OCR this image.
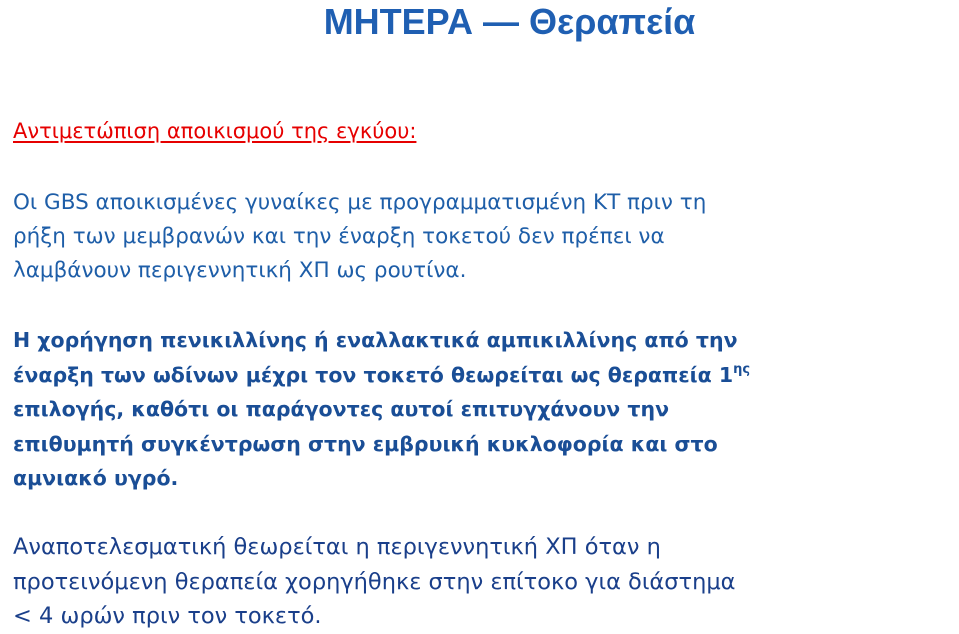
ΜΗΤΕΡΑ — Θεραπεία
Αντιμετώπιση αποικισμού της εγκύου:
Οι GBS αποικισμένες γυναίκες με προγραμματισμένη ΚΤ πριν τη
ρήξη των μεμβρανών και την έναρξη τοκετού δεν πρέπει να
λαμβάνουν περιγεννητική ΧΠ ως ρουτίνα.
Η χορήγηση πενικιλλίνης ή εναλλακτικά αμπικιλλίνης από την
έναρξη των ωδίνων μέχρι τον τοκετό θεωρείται ως θεραπεία $1^{\eta\varsigma}$
επιλογής, καθότι οι παράγοντες αυτοί επιτυγχάνουν την
επιθυμητή συγκέντρωση στην εμβρυική κυκλοφορία και στο
αμνιακό υγρό.
Αναποτελεσματική θεωρείται η περιγεννητική ΧΠ όταν η
προτεινόμενη θεραπεία χορηγήθηκε στην επίτοκο για διάστημα
< 4 ωρών πριν τον τοκετό.
